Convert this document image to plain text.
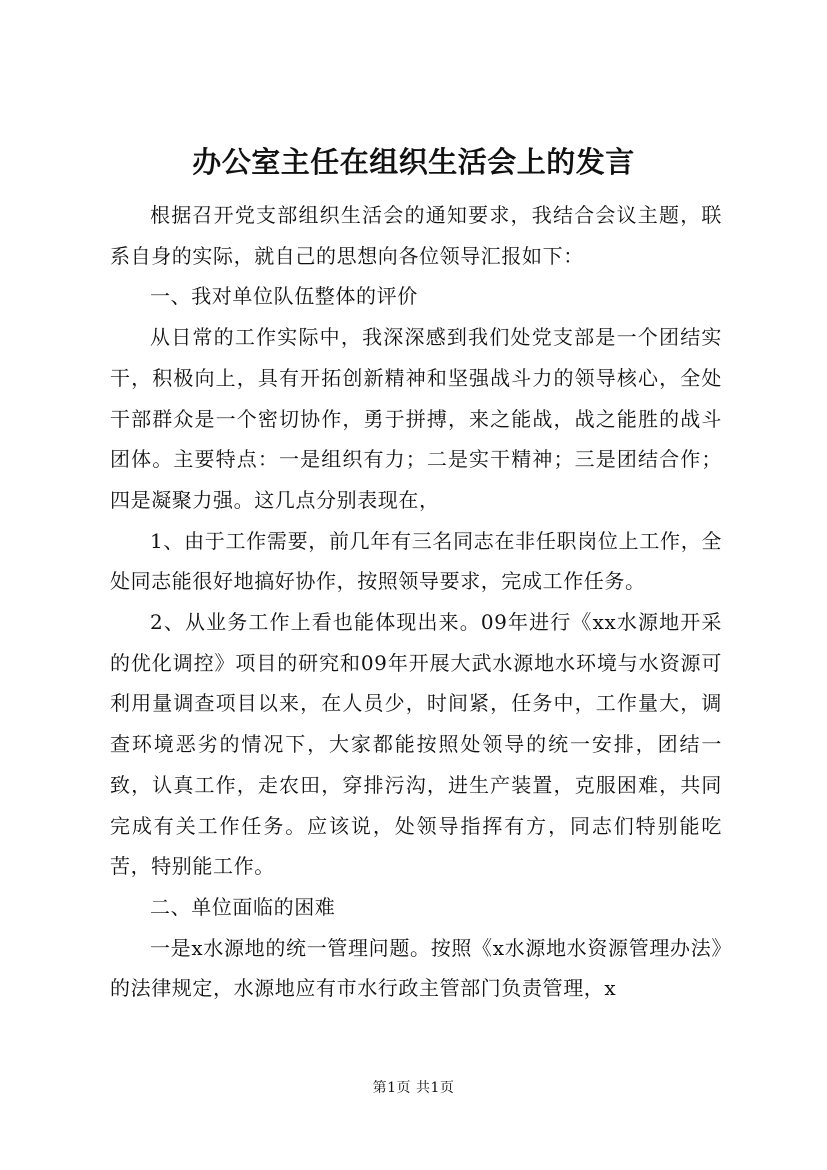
办公室主任在组织生活会上的发言

根据召开党支部组织生活会的通知要求，我结合会议主题，联系自身的实际，就自己的思想向各位领导汇报如下：

一、我对单位队伍整体的评价

从日常的工作实际中，我深深感到我们处党支部是一个团结实干，积极向上，具有开拓创新精神和坚强战斗力的领导核心，全处干部群众是一个密切协作，勇于拼搏，来之能战，战之能胜的战斗团体。主要特点：一是组织有力；二是实干精神；三是团结合作；四是凝聚力强。这几点分别表现在，

1、由于工作需要，前几年有三名同志在非任职岗位上工作，全处同志能很好地搞好协作，按照领导要求，完成工作任务。

2、从业务工作上看也能体现出来。09年进行《xx水源地开采的优化调控》项目的研究和09年开展大武水源地水环境与水资源可利用量调查项目以来，在人员少，时间紧，任务中，工作量大，调查环境恶劣的情况下，大家都能按照处领导的统一安排，团结一致，认真工作，走农田，穿排污沟，进生产装置，克服困难，共同完成有关工作任务。应该说，处领导指挥有方，同志们特别能吃苦，特别能工作。

二、单位面临的困难

一是x水源地的统一管理问题。按照《x水源地水资源管理办法》的法律规定，水源地应有市水行政主管部门负责管理，x

第1页 共1页
